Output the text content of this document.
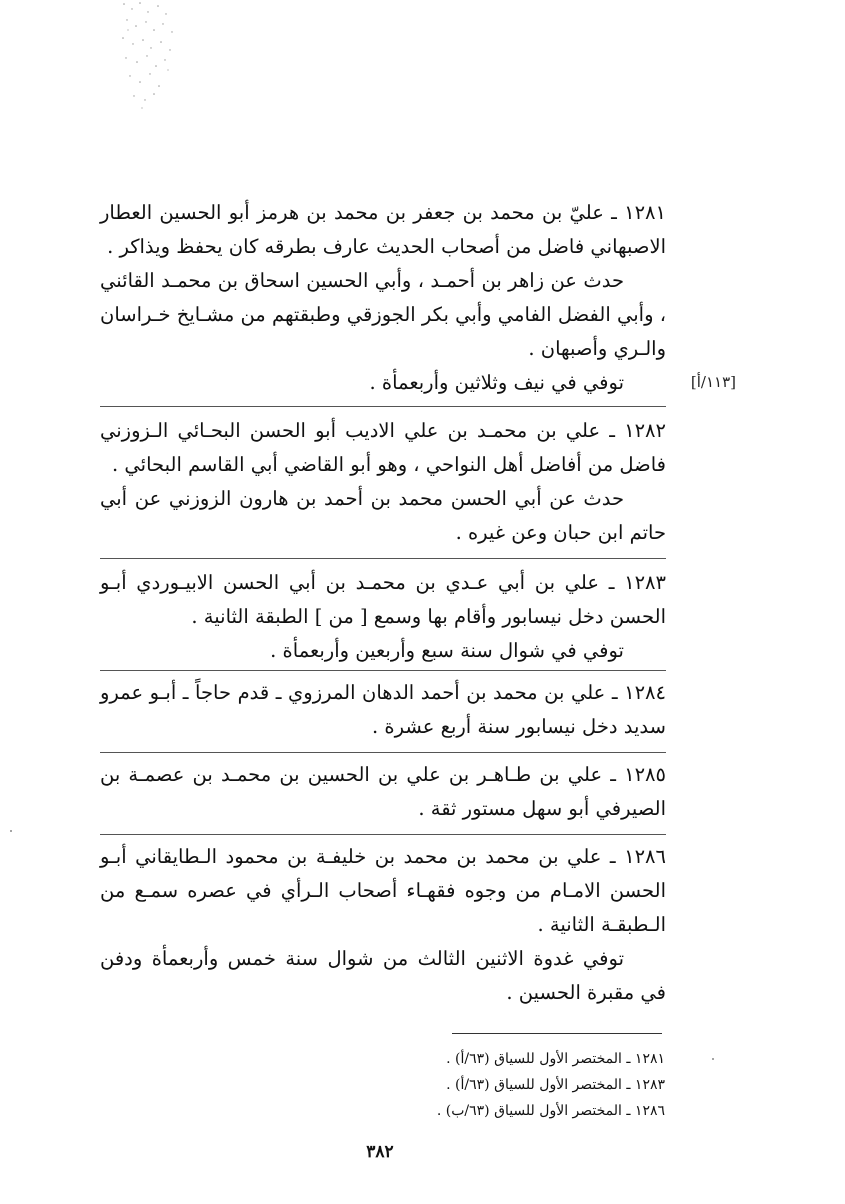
١٢٨١ ـ عليّ بن محمد بن جعفر بن محمد بن هرمز أبو الحسين العطار الاصبهاني فاضل من أصحاب الحديث عارف بطرقه كان يحفظ ويذاكر .

حدث عن زاهر بن أحمـد ، وأبي الحسين اسحاق بن محمـد القائني ، وأبي الفضل الفامي وأبي بكر الجوزقي وطبقتهم من مشـايخ خـراسان والـري وأصبهان .

توفي في نيف وثلاثين وأربعمأة .	[١١٣/أ]

١٢٨٢ ـ علي بن محمـد بن علي الاديب أبو الحسن البحـائي الـزوزني فاضل من أفاضل أهل النواحي ، وهو أبو القاضي أبي القاسم البحائي .

حدث عن أبي الحسن محمد بن أحمد بن هارون الزوزني عن أبي حاتم ابن حبان وعن غيره .

١٢٨٣ ـ علي بن أبي عـدي بن محمـد بن أبي الحسن الابيـوردي أبـو الحسن دخل نيسابور وأقام بها وسمع [ من ] الطبقة الثانية .

توفي في شوال سنة سبع وأربعين وأربعمأة .

١٢٨٤ ـ علي بن محمد بن أحمد الدهان المرزوي ـ قدم حاجاً ـ أبـو عمرو سديد دخل نيسابور سنة أربع عشرة .

١٢٨٥ ـ علي بن طـاهـر بن علي بن الحسين بن محمـد بن عصمـة بن الصيرفي أبو سهل مستور ثقة .

١٢٨٦ ـ علي بن محمد بن محمد بن خليفـة بن محمود الـطايقاني أبـو الحسن الامـام من وجوه فقهـاء أصحاب الـرأي في عصره سمـع من الـطبقـة الثانية .

توفي غدوة الاثنين الثالث من شوال سنة خمس وأربعمأة ودفن في مقبرة الحسين .

١٢٨١ ـ المختصر الأول للسياق (٦٣/أ) .
١٢٨٣ ـ المختصر الأول للسياق (٦٣/أ) .
١٢٨٦ ـ المختصر الأول للسياق (٦٣/ب) .
٣٨٢
